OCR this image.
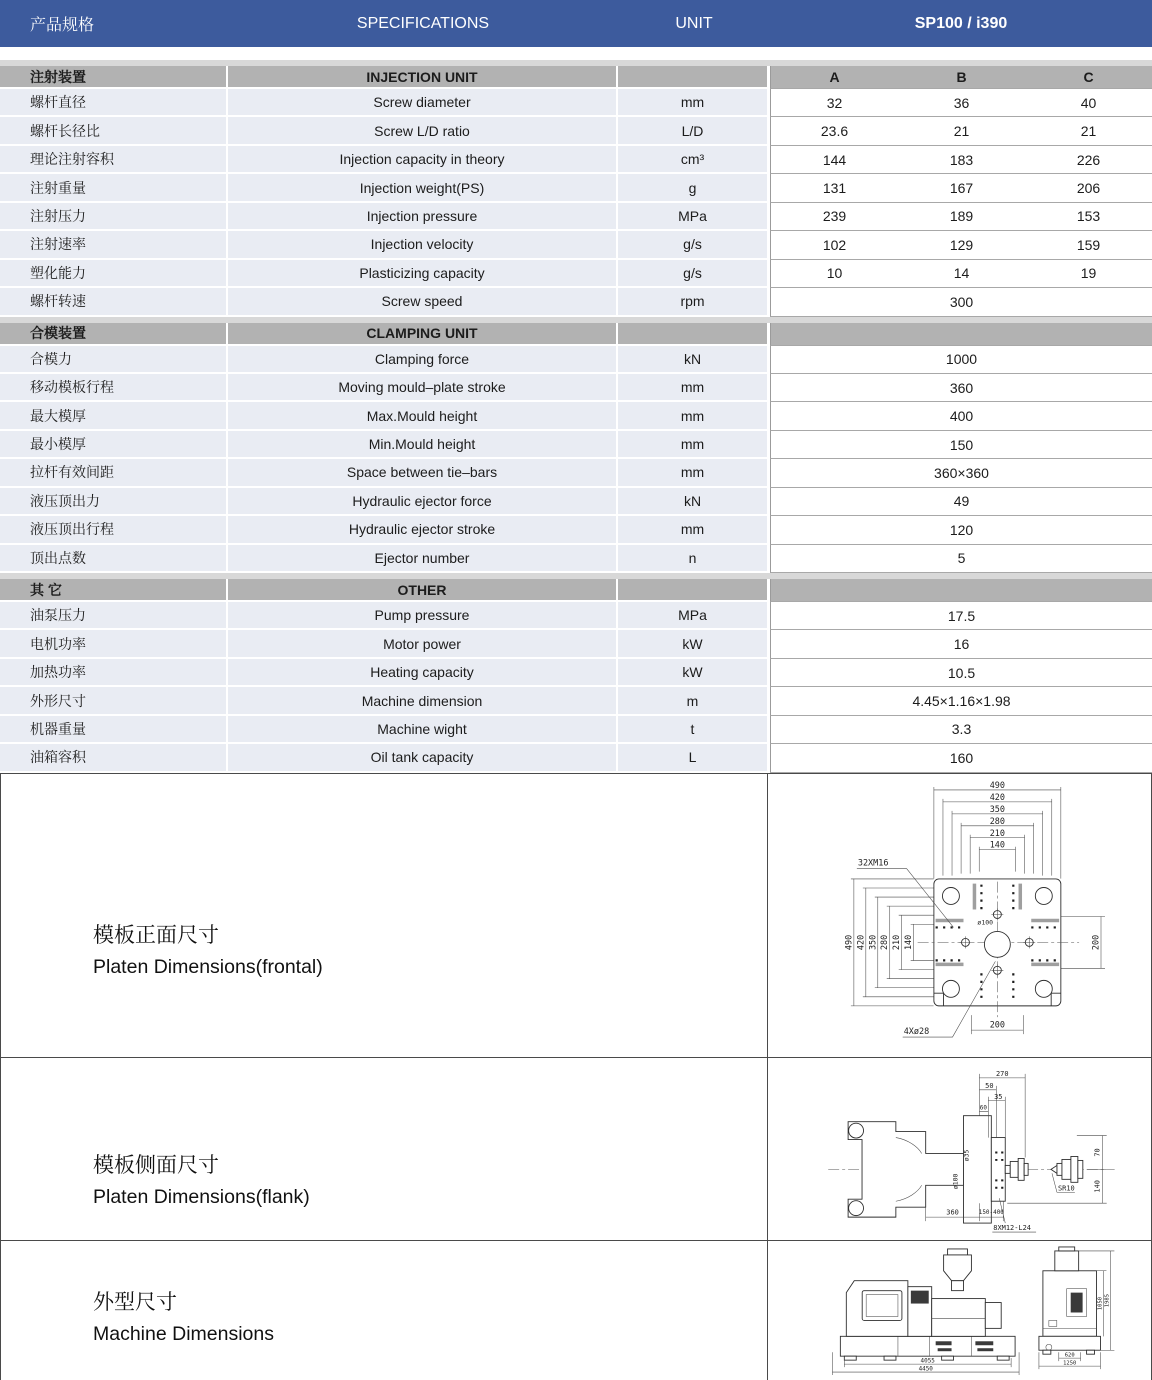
产品规格	SPECIFICATIONS	UNIT	SP100 / i390
注射装置	INJECTION UNIT	A	B	C
螺杆直径	Screw diameter	mm	32	36	40
螺杆长径比	Screw L/D ratio	L/D	23.6	21	21
理论注射容积	Injection capacity in theory	cm³	144	183	226
注射重量	Injection weight(PS)	g	131	167	206
注射压力	Injection pressure	MPa	239	189	153
注射速率	Injection velocity	g/s	102	129	159
塑化能力	Plasticizing capacity	g/s	10	14	19
螺杆转速	Screw speed	rpm	300
合模装置	CLAMPING UNIT
合模力	Clamping force	kN	1000
移动模板行程	Moving mould–plate stroke	mm	360
最大模厚	Max.Mould height	mm	400
最小模厚	Min.Mould height	mm	150
拉杆有效间距	Space between tie–bars	mm	360×360
液压顶出力	Hydraulic ejector force	kN	49
液压顶出行程	Hydraulic ejector stroke	mm	120
顶出点数	Ejector number	n	5
其 它	OTHER
油泵压力	Pump pressure	MPa	17.5
电机功率	Motor power	kW	16
加热功率	Heating capacity	kW	10.5
外形尺寸	Machine dimension	m	4.45×1.16×1.98
机器重量	Machine wight	t	3.3
油箱容积	Oil tank capacity	L	160
模板正面尺寸
Platen Dimensions(frontal)
490
420
350
280
210
140
490 420 350 280 210 140	200
200
32XM16
ø100
4Xø28
模板侧面尺寸
Platen Dimensions(flank)
270
50
35
60
70
140
360	150-400
SR10
8XM12-L24
ø100
ø35
外型尺寸
Machine Dimensions
4055
4450
1985
1050
620
1250
